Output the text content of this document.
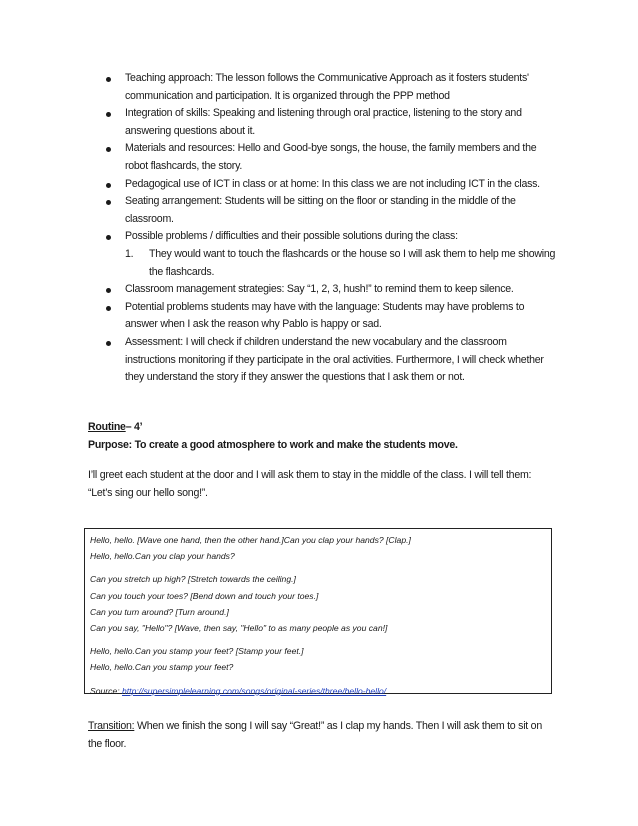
Teaching approach: The lesson follows the Communicative Approach as it fosters students' communication and participation. It is organized through the PPP method
Integration of skills: Speaking and listening through oral practice, listening to the story and answering questions about it.
Materials and resources: Hello and Good-bye songs, the house, the family members and the robot flashcards, the story.
Pedagogical use of ICT in class or at home: In this class we are not including ICT in the class.
Seating arrangement: Students will be sitting on the floor or standing in the middle of the classroom.
Possible problems / difficulties and their possible solutions during the class:
1. They would want to touch the flashcards or the house so I will ask them to help me showing the flashcards.
Classroom management strategies: Say “1, 2, 3, hush!” to remind them to keep silence.
Potential problems students may have with the language: Students may have problems to answer when I ask the reason why Pablo is happy or sad.
Assessment: I will check if children understand the new vocabulary and the classroom instructions monitoring if they participate in the oral activities. Furthermore, I will check whether they understand the story if they answer the questions that I ask them or not.
Routine– 4’
Purpose: To create a good atmosphere to work and make the students move.
I’ll greet each student at the door and I will ask them to stay in the middle of the class. I will tell them: “Let’s sing our hello song!”.
Hello, hello. [Wave one hand, then the other hand.]Can you clap your hands? [Clap.]
Hello, hello.Can you clap your hands?
Can you stretch up high? [Stretch towards the ceiling.]
Can you touch your toes? [Bend down and touch your toes.]
Can you turn around? [Turn around.]
Can you say, "Hello"? [Wave, then say, "Hello" to as many people as you can!]
Hello, hello.Can you stamp your feet? [Stamp your feet.]
Hello, hello.Can you stamp your feet?
Source: http://supersimplelearning.com/songs/original-series/three/hello-hello/
Transition: When we finish the song I will say “Great!” as I clap my hands. Then I will ask them to sit on the floor.
